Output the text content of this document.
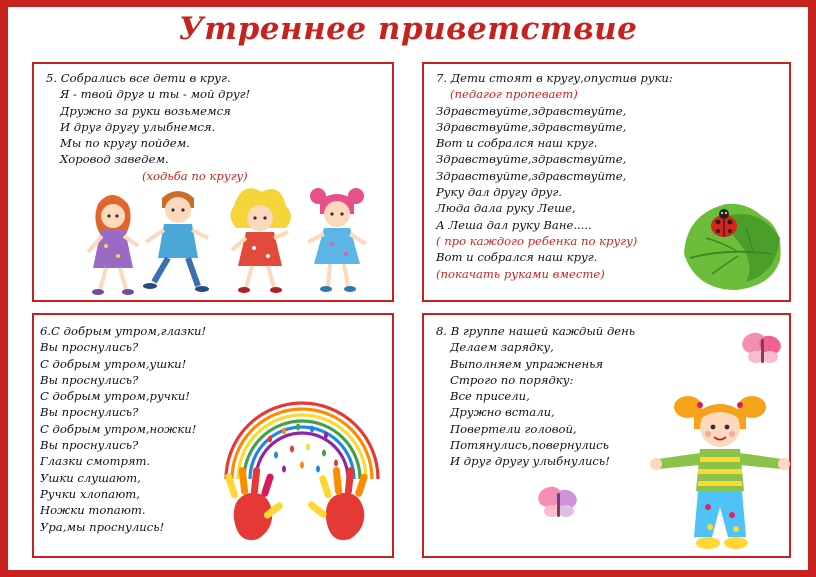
Утреннее приветствие
5. Собрались все дети в круг.
Я - твой друг и ты - мой друг!
Дружно за руки возьмемся
И друг другу улыбнемся.
Мы по кругу пойдем.
Хоровод заведем.
(ходьба по кругу)
7. Дети стоят в кругу,опустив руки:
(педагог пропевает)
Здравствуйте,здравствуйте,
Здравствуйте,здравствуйте,
Вот и собрался наш круг.
Здравствуйте,здравствуйте,
Здравствуйте,здравствуйте,
Руку дал другу друг.
Люда дала руку Леше,
А Леша дал руку Ване.....
( про каждого ребенка по кругу)
Вот и собрался наш круг.
(покачать руками вместе)
6.С добрым утром,глазки!
Вы проснулись?
С добрым утром,ушки!
Вы проснулись?
С добрым утром,ручки!
Вы проснулись?
С добрым утром,ножки!
Вы проснулись?
Глазки смотрят.
Ушки слушают,
Ручки хлопают,
Ножки топают.
Ура,мы проснулись!
8. В группе нашей каждый день
Делаем зарядку,
Выполняем упражненья
Строго по порядку:
Все присели,
Дружно встали,
Повертели головой,
Потянулись,повернулись
И друг другу улыбнулись!
